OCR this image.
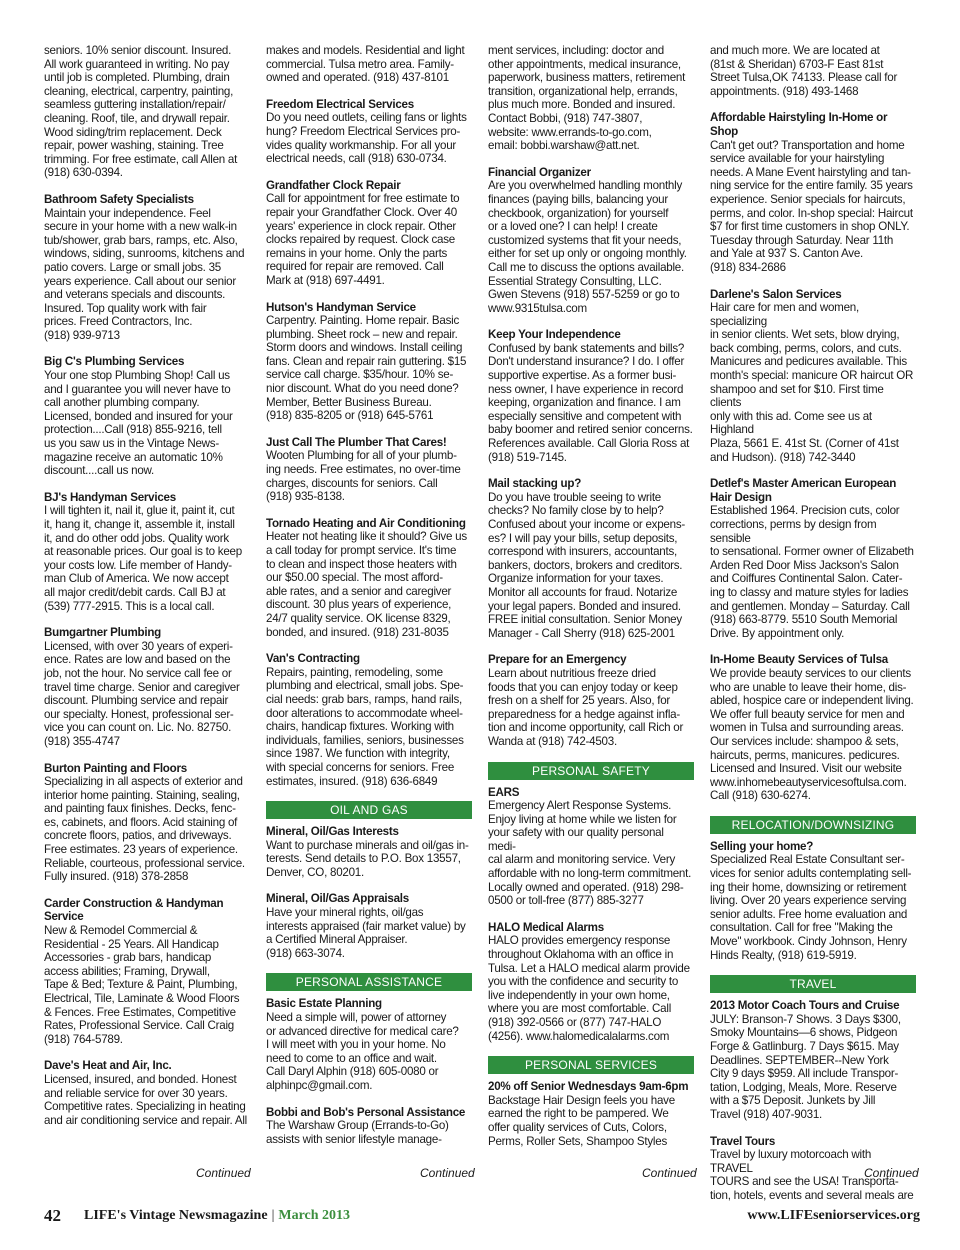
seniors. 10% senior discount. Insured.

All work guaranteed in writing. No pay

until job is completed. Plumbing, drain

cleaning, electrical, carpentry, painting,

seamless guttering installation/repair/

cleaning. Roof, tile, and drywall repair.

Wood siding/trim replacement. Deck

repair, power washing, staining. Tree

trimming. For free estimate, call Allen at

(918) 630-0394.

Bathroom Safety Specialists

Maintain your independence. Feel

secure in your home with a new walk-in

tub/shower, grab bars, ramps, etc. Also,

windows, siding, sunrooms, kitchens and

patio covers. Large or small jobs. 35

years experience. Call about our senior

and veterans specials and discounts.

Insured. Top quality work with fair

prices. Freed Contractors, Inc.

(918) 939-9713

Big C's Plumbing Services

Your one stop Plumbing Shop! Call us

and I guarantee you will never have to

call another plumbing company.

Licensed, bonded and insured for your

protection....Call (918) 855-9216, tell

us you saw us in the Vintage News-

magazine receive an automatic 10%

discount....call us now.

BJ's Handyman Services

I will tighten it, nail it, glue it, paint it, cut

it, hang it, change it, assemble it, install

it, and do other odd jobs. Quality work

at reasonable prices. Our goal is to keep

your costs low. Life member of Handy-

man Club of America. We now accept

all major credit/debit cards. Call BJ at

(539) 777-2915. This is a local call.

Bumgartner Plumbing

Licensed, with over 30 years of experi-

ence. Rates are low and based on the

job, not the hour. No service call fee or

travel time charge. Senior and caregiver

discount. Plumbing service and repair

our specialty. Honest, professional ser-

vice you can count on. Lic. No. 82750.

(918) 355-4747

Burton Painting and Floors

Specializing in all aspects of exterior and

interior home painting. Staining, sealing,

and painting faux finishes. Decks, fenc-

es, cabinets, and floors. Acid staining of

concrete floors, patios, and driveways.

Free estimates. 23 years of experience.

Reliable, courteous, professional service.

Fully insured. (918) 378-2858

Carder Construction & Handyman Service

New & Remodel Commercial &

Residential - 25 Years. All Handicap

Accessories - grab bars, handicap

access abilities; Framing, Drywall,

Tape & Bed; Texture & Paint, Plumbing,

Electrical, Tile, Laminate & Wood Floors

& Fences. Free Estimates, Competitive

Rates, Professional Service. Call Craig

(918) 764-5789.

Dave's Heat and Air, Inc.

Licensed, insured, and bonded. Honest

and reliable service for over 30 years.

Competitive rates. Specializing in heating

and air conditioning service and repair. All

makes and models. Residential and light

commercial. Tulsa metro area. Family-

owned and operated. (918) 437-8101

Freedom Electrical Services

Do you need outlets, ceiling fans or lights

hung? Freedom Electrical Services pro-

vides quality workmanship. For all your

electrical needs, call (918) 630-0734.

Grandfather Clock Repair

Call for appointment for free estimate to

repair your Grandfather Clock. Over 40

years' experience in clock repair. Other

clocks repaired by request. Clock case

remains in your home. Only the parts

required for repair are removed. Call

Mark at (918) 697-4491.

Hutson's Handyman Service

Carpentry. Painting. Home repair. Basic

plumbing. Sheet rock – new and repair.

Storm doors and windows. Install ceiling

fans. Clean and repair rain guttering. $15

service call charge. $35/hour. 10% se-

nior discount. What do you need done?

Member, Better Business Bureau.

(918) 835-8205 or (918) 645-5761

Just Call The Plumber That Cares!

Wooten Plumbing for all of your plumb-

ing needs. Free estimates, no over-time

charges, discounts for seniors. Call

(918) 935-8138.

Tornado Heating and Air Conditioning

Heater not heating like it should? Give us

a call today for prompt service. It's time

to clean and inspect those heaters with

our $50.00 special. The most afford-

able rates, and a senior and caregiver

discount. 30 plus years of experience,

24/7 quality service. OK license 8329,

bonded, and insured. (918) 231-8035

Van's Contracting

Repairs, painting, remodeling, some

plumbing and electrical, small jobs. Spe-

cial needs: grab bars, ramps, hand rails,

door alterations to accommodate wheel-

chairs, handicap fixtures. Working with

individuals, families, seniors, businesses

since 1987. We function with integrity,

with special concerns for seniors. Free

estimates, insured. (918) 636-6849

OIL AND GAS

Mineral, Oil/Gas Interests

Want to purchase minerals and oil/gas in-

terests. Send details to P.O. Box 13557,

Denver, CO, 80201.

Mineral, Oil/Gas Appraisals

Have your mineral rights, oil/gas

interests appraised (fair market value) by

a Certified Mineral Appraiser.

(918) 663-3074.

PERSONAL ASSISTANCE

Basic Estate Planning

Need a simple will, power of attorney

or advanced directive for medical care?

I will meet with you in your home. No

need to come to an office and wait.

Call Daryl Alphin (918) 605-0080 or

alphinpc@gmail.com.

Bobbi and Bob's Personal Assistance

The Warshaw Group (Errands-to-Go)

assists with senior lifestyle manage-

ment services, including: doctor and

other appointments, medical insurance,

paperwork, business matters, retirement

transition, organizational help, errands,

plus much more. Bonded and insured.

Contact Bobbi, (918) 747-3807,

website: www.errands-to-go.com,

email: bobbi.warshaw@att.net.

Financial Organizer

Are you overwhelmed handling monthly

finances (paying bills, balancing your

checkbook, organization) for yourself

or a loved one? I can help! I create

customized systems that fit your needs,

either for set up only or ongoing monthly.

Call me to discuss the options available.

Essential Strategy Consulting, LLC.

Gwen Stevens (918) 557-5259 or go to

www.9315tulsa.com

Keep Your Independence

Confused by bank statements and bills?

Don't understand insurance? I do. I offer

supportive expertise. As a former busi-

ness owner, I have experience in record

keeping, organization and finance. I am

especially sensitive and competent with

baby boomer and retired senior concerns.

References available. Call Gloria Ross at

(918) 519-7145.

Mail stacking up?

Do you have trouble seeing to write

checks? No family close by to help?

Confused about your income or expens-

es? I will pay your bills, setup deposits,

correspond with insurers, accountants,

bankers, doctors, brokers and creditors.

Organize information for your taxes.

Monitor all accounts for fraud. Notarize

your legal papers. Bonded and insured.

FREE initial consultation. Senior Money

Manager - Call Sherry (918) 625-2001

Prepare for an Emergency

Learn about nutritious freeze dried

foods that you can enjoy today or keep

fresh on a shelf for 25 years. Also, for

preparedness for a hedge against infla-

tion and income opportunity, call Rich or

Wanda at (918) 742-4503.

PERSONAL SAFETY

EARS

Emergency Alert Response Systems.

Enjoy living at home while we listen for

your safety with our quality personal medi-

cal alarm and monitoring service. Very

affordable with no long-term commitment.

Locally owned and operated. (918) 298-

0500 or toll-free (877) 885-3277

HALO Medical Alarms

HALO provides emergency response

throughout Oklahoma with an office in

Tulsa. Let a HALO medical alarm provide

you with the confidence and security to

live independently in your own home,

where you are most comfortable. Call

(918) 392-0566 or (877) 747-HALO

(4256). www.halomedicalalarms.com

PERSONAL SERVICES

20% off Senior Wednesdays 9am-6pm

Backstage Hair Design feels you have

earned the right to be pampered. We

offer quality services of Cuts, Colors,

Perms, Roller Sets, Shampoo Styles

and much more. We are located at

(81st & Sheridan) 6703-F East 81st

Street Tulsa,OK 74133. Please call for

appointments. (918) 493-1468

Affordable Hairstyling In-Home or Shop

Can't get out? Transportation and home

service available for your hairstyling

needs. A Mane Event hairstyling and tan-

ning service for the entire family. 35 years

experience. Senior specials for haircuts,

perms, and color. In-shop special: Haircut

$7 for first time customers in shop ONLY.

Tuesday through Saturday. Near 11th

and Yale at 937 S. Canton Ave.

(918) 834-2686

Darlene's Salon Services

Hair care for men and women, specializing

in senior clients. Wet sets, blow drying,

back combing, perms, colors, and cuts.

Manicures and pedicures available. This

month's special: manicure OR haircut OR

shampoo and set for $10. First time clients

only with this ad. Come see us at Highland

Plaza, 5661 E. 41st St. (Corner of 41st

and Hudson). (918) 742-3440

Detlef's Master American European Hair Design

Established 1964. Precision cuts, color

corrections, perms by design from sensible

to sensational. Former owner of Elizabeth

Arden Red Door Miss Jackson's Salon

and Coiffures Continental Salon. Cater-

ing to classy and mature styles for ladies

and gentlemen. Monday – Saturday. Call

(918) 663-8779. 5510 South Memorial

Drive. By appointment only.

In-Home Beauty Services of Tulsa

We provide beauty services to our clients

who are unable to leave their home, dis-

abled, hospice care or independent living.

We offer full beauty service for men and

women in Tulsa and surrounding areas.

Our services include: shampoo & sets,

haircuts, perms, manicures. pedicures.

Licensed and Insured. Visit our website

www.inhomebeautyservicesoftulsa.com.

Call (918) 630-6274.

RELOCATION/DOWNSIZING

Selling your home?

Specialized Real Estate Consultant ser-

vices for senior adults contemplating sell-

ing their home, downsizing or retirement

living. Over 20 years experience serving

senior adults. Free home evaluation and

consultation. Call for free "Making the

Move" workbook. Cindy Johnson, Henry

Hinds Realty, (918) 619-5919.

TRAVEL

2013 Motor Coach Tours and Cruise

JULY: Branson-7 Shows. 3 Days $300,

Smoky Mountains—6 shows, Pidgeon

Forge & Gatlinburg. 7 Days $615. May

Deadlines. SEPTEMBER--New York

City 9 days $959. All include Transpor-

tation, Lodging, Meals, More. Reserve

with a $75 Deposit. Junkets by Jill

Travel (918) 407-9031.

Travel Tours

Travel by luxury motorcoach with TRAVEL

TOURS and see the USA! Transporta-

tion, hotels, events and several meals are

Continued	Continued	Continued	Continued
42 LIFE's Vintage Newsmagazine | March 2013	www.LIFEseniorservices.org
